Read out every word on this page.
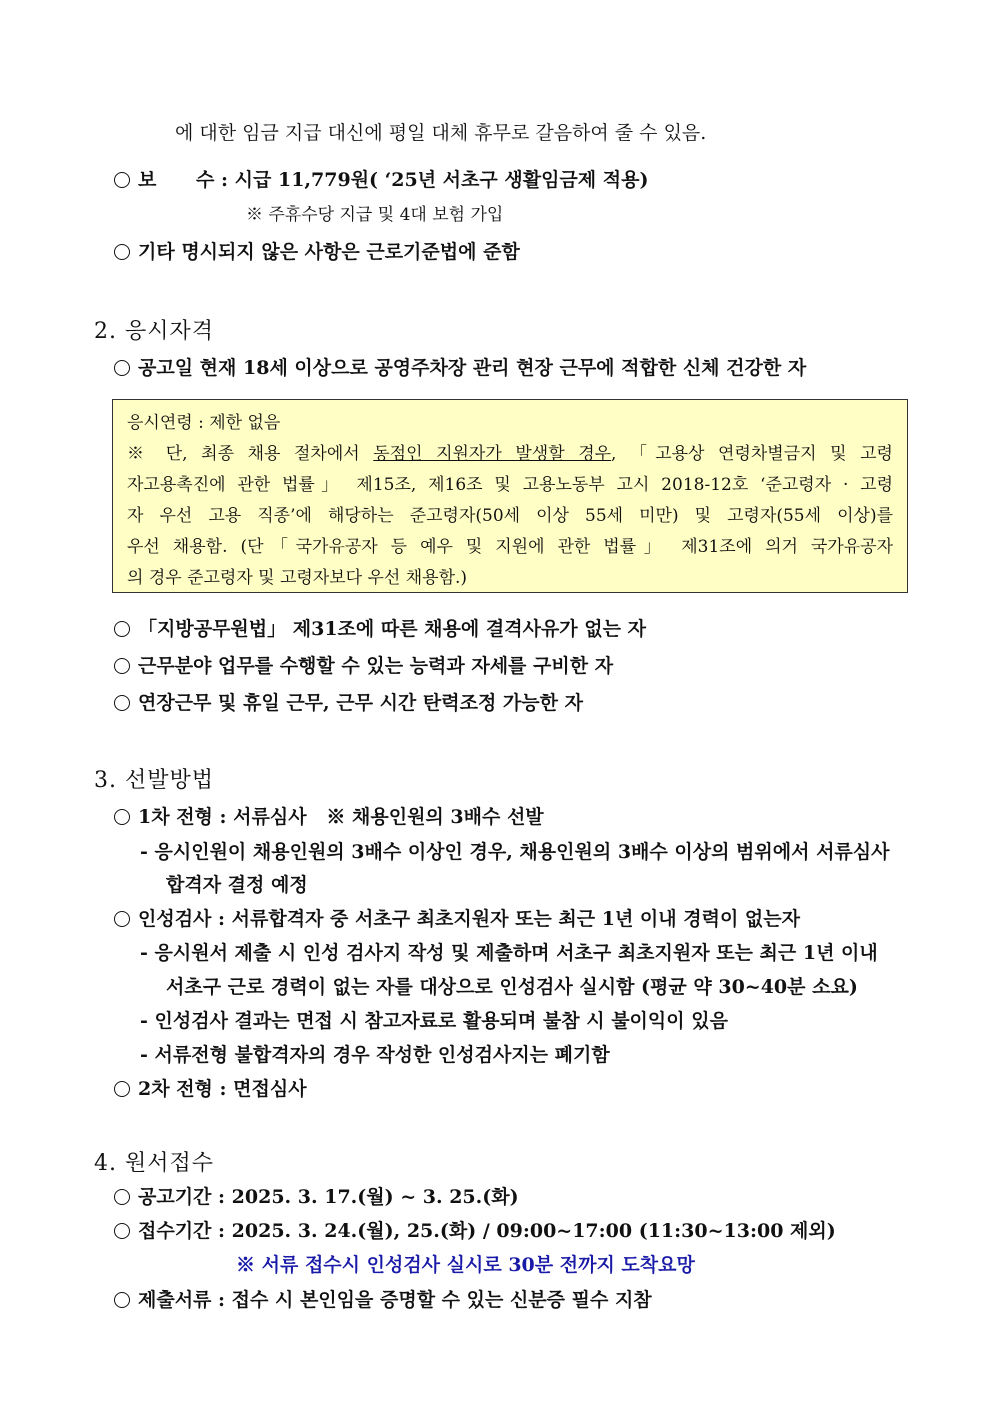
에 대한 임금 지급 대신에 평일 대체 휴무로 갈음하여 줄 수 있음.
보      수 : 시급 11,779원( ‘25년 서초구 생활임금제 적용)
※ 주휴수당 지급 및 4대 보험 가입
기타 명시되지 않은 사항은 근로기준법에 준함
2. 응시자격
공고일 현재 18세 이상으로 공영주차장 관리 현장 근무에 적합한 신체 건강한 자

응시연령 : 제한 없음

※ 단, 최종 채용 절차에서 동점인 지원자가 발생할 경우, 「고용상 연령차별금지 및 고령

자고용촉진에 관한 법률」 제15조, 제16조 및 고용노동부 고시 2018-12호 ‘준고령자 · 고령

자 우선 고용 직종’에 해당하는 준고령자(50세 이상 55세 미만) 및 고령자(55세 이상)를

우선 채용함. (단「국가유공자 등 예우 및 지원에 관한 법률」 제31조에 의거 국가유공자

의 경우 준고령자 및 고령자보다 우선 채용함.)

「지방공무원법」 제31조에 따른 채용에 결격사유가 없는 자
근무분야 업무를 수행할 수 있는 능력과 자세를 구비한 자
연장근무 및 휴일 근무, 근무 시간 탄력조정 가능한 자
3. 선발방법
1차 전형 : 서류심사   ※ 채용인원의 3배수 선발
- 응시인원이 채용인원의 3배수 이상인 경우, 채용인원의 3배수 이상의 범위에서 서류심사
합격자 결정 예정
인성검사 : 서류합격자 중 서초구 최초지원자 또는 최근 1년 이내 경력이 없는자
- 응시원서 제출 시 인성 검사지 작성 및 제출하며 서초구 최초지원자 또는 최근 1년 이내
서초구 근로 경력이 없는 자를 대상으로 인성검사 실시함 (평균 약 30~40분 소요)
- 인성검사 결과는 면접 시 참고자료로 활용되며 불참 시 불이익이 있음
- 서류전형 불합격자의 경우 작성한 인성검사지는 폐기함
2차 전형 : 면접심사
4. 원서접수
공고기간 : 2025. 3. 17.(월) ~ 3. 25.(화)
접수기간 : 2025. 3. 24.(월), 25.(화) / 09:00~17:00 (11:30~13:00 제외)
※ 서류 접수시 인성검사 실시로 30분 전까지 도착요망
제출서류 : 접수 시 본인임을 증명할 수 있는 신분증 필수 지참
